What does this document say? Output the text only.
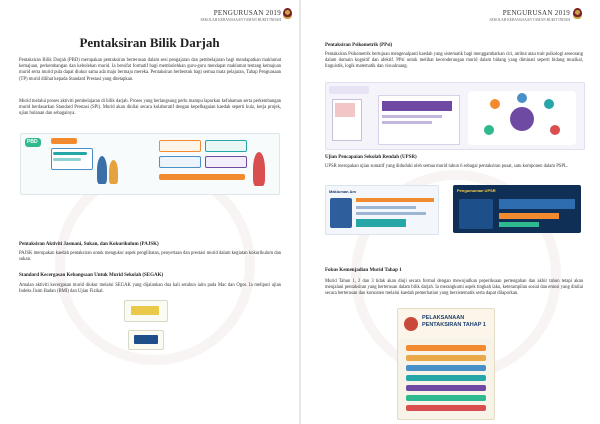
PENGURUSAN 2019
SEKOLAH KEBANGSAAN TAMAN BUKIT INDAH
Pentaksiran Bilik Darjah

Pentaksiran Bilik Darjah (PBD) merupakan pentaksiran berterusan dalam sesi pengajaran dan pembelajaran bagi mendapatkan maklumat kemajuan, perkembangan dan kebolehan murid. Ia bersifat formatif bagi membolehkan guru-guru mendapat maklumat tentang kemajuan murid serta murid pula dapat diukur sama ada maju bermaju mereka. Pentaksiran berbentuk bagi semua mata pelajaran, Tahap Penguasaan (TP) murid dilihat kepada Standard Prestasi yang ditetapkan.

Murid melalui proses aktiviti pembelajaran di bilik darjah. Proses yang berlangsung perlu mampu laporkan kefahaman serta perkembangan murid berdasarkan Standard Prestasi (SPi). Murid akan dinilai secara kolaboratif dengan kepelbagaian kaedah seperti kuiz, kerja projek, ujian bulanan dan sebagainya.

PBD
Pentaksiran Aktiviti Jasmani, Sukan, dan Kokurikulum (PAJSK)

PAJSK merupakan kaedah pentaksiran untuk mengukur aspek penglibatan, penyertaan dan prestasi murid dalam kegiatan kokurikulum dan sukan.

Standard Kecergasan Kebangsaan Untuk Murid Sekolah (SEGAK)

Amalan aktiviti kecergasan murid diukur melalui SEGAK yang dijalankan dua kali setahun iaitu pada Mac dan Ogos. Ia meliputi ujian Indeks Jisim Badan (BMI) dan Ujian Fizikal.

PENGURUSAN 2019
SEKOLAH KEBANGSAAN TAMAN BUKIT INDAH
Pentaksiran Psikometrik (PPsi)

Pentaksiran Psikometrik bertujuan mengenalpasti kaedah yang sistematik bagi menggambarkan ciri, atribut atau trait psikologi seseorang dalam domain kognitif dan afektif. PPsi untuk melihat kecenderungan murid dalam bidang yang diminati seperti bidang muzikal, linguistik, logik matematik dan visualruang.

Ujian Pencapaian Sekolah Rendah (UPSR)

UPSR merupakan ujian sumatif yang diduduki oleh semua murid tahun 6 sebagai pentaksiran pusat, satu komponen dalam PSPL.

Makluman Am	Pengumuman UPSR
Fokus Kemenjadian Murid Tahap 1

Murid Tahun 1, 2 dan 3 tidak akan diuji secara formal dengan mewujudkan peperiksaan pertengahan dan akhir tahun tetapi akan menjalani pentaksiran yang berterusan dalam bilik darjah. Ia merangkumi aspek tingkah laku, keterampilan sosial dan emosi yang dinilai secara berterusan dan konsisten melalui kaedah pemerhatian yang bersistematik serta dapat dilaporkan.

PELAKSANAAN PENTAKSIRAN TAHAP 1
